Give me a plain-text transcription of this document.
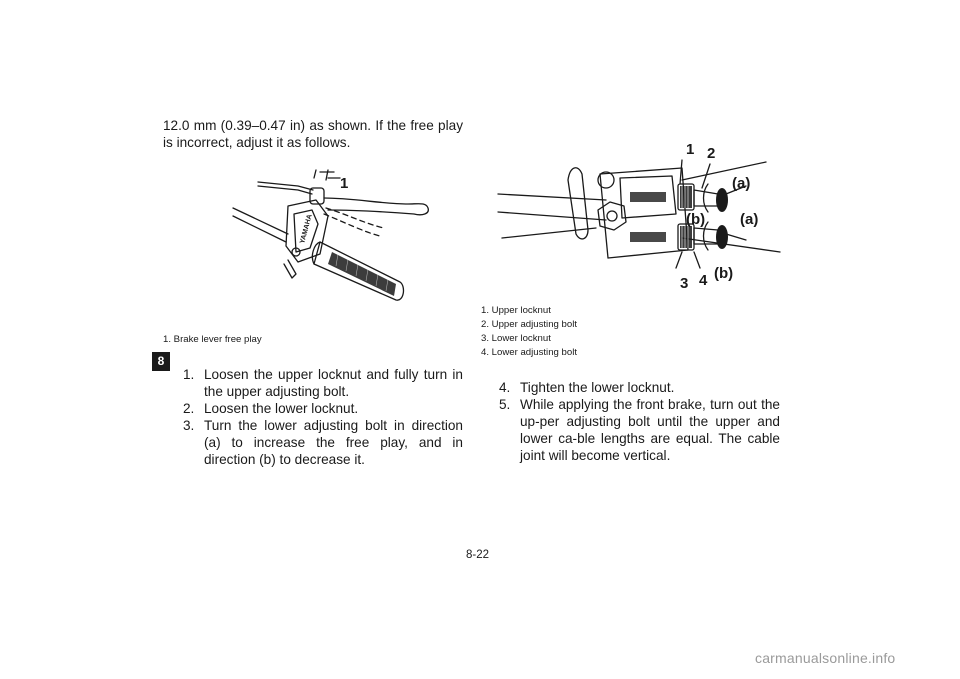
8
12.0 mm (0.39–0.47 in) as shown. If the free play is incorrect, adjust it as follows.
YAMAHA
1
1. Brake lever free play
1 2
3 4
(a)
(a)
(b)
(b)
1. Upper locknut
2. Upper adjusting bolt
3. Lower locknut
4. Lower adjusting bolt
1. Loosen the upper locknut and fully turn in the upper adjusting bolt.
2. Loosen the lower locknut.
3. Turn the lower adjusting bolt in direction (a) to increase the free play, and in direction (b) to decrease it.
4. Tighten the lower locknut.
5. While applying the front brake, turn out the up-per adjusting bolt until the upper and lower ca-ble lengths are equal. The cable joint will become vertical.
8-22
carmanualsonline.info
